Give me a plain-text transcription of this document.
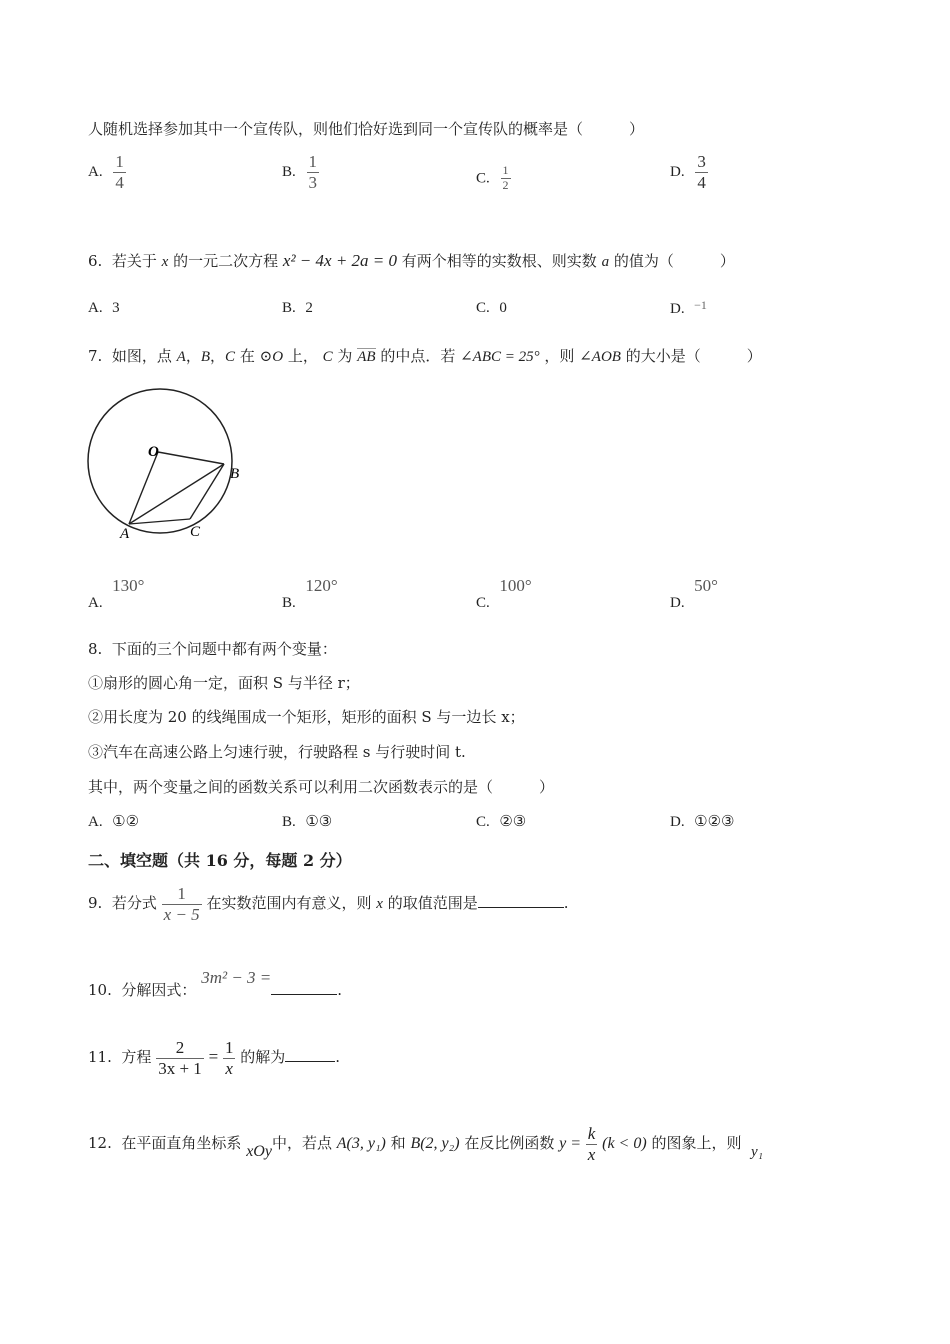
人随机选择参加其中一个宣传队，则他们恰好选到同一个宣传队的概率是（	）
A. $\frac{1}{4}$	B. $\frac{1}{3}$	C. $\frac{1}{2}$	D. $\frac{3}{4}$
6. 若关于 x 的一元二次方程 x² − 4x + 2a = 0 有两个相等的实数根、则实数 a 的值为（	）
A. 3	B. 2	C. 0	D. $^{-1}$
7. 如图，点 A，B，C 在 ⊙O 上， C 为 AB 的中点．若 ∠ABC = 25° ，则 ∠AOB 的大小是（	）
O
B
A	C
A.  130°
B.  120°
C.  100°
D.  50°
8. 下面的三个问题中都有两个变量：
①扇形的圆心角一定，面积 S 与半径 r；
②用长度为 20 的线绳围成一个矩形，矩形的面积 S 与一边长 x；
③汽车在高速公路上匀速行驶，行驶路程 s 与行驶时间 t.
其中，两个变量之间的函数关系可以利用二次函数表示的是（	）
A. ①②	B. ①③	C. ②③	D. ①②③
二、填空题（共 16 分，每题 2 分）
9. 若分式 $\frac{1}{x - 5}$ 在实数范围内有意义，则 x 的取值范围是	.
10. 分解因式： 3m² − 3 =.
11. 方程 $\frac{2}{3x + 1} = \frac{1}{x}$ 的解为	.
12. 在平面直角坐标系 xOy中，若点 A(3, y₁) 和 B(2, y₂) 在反比例函数 $y = \frac{k}{x} (k < 0)$ 的图象上，则 y₁
